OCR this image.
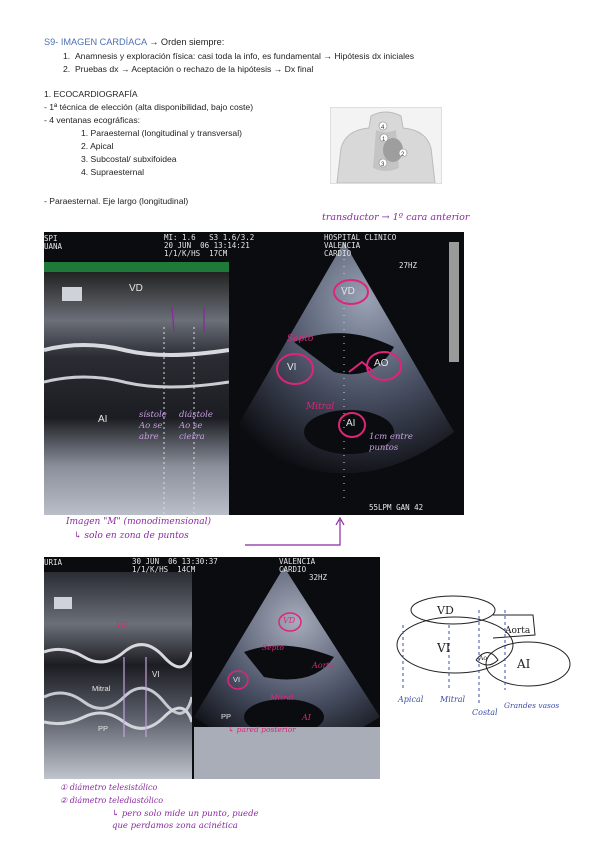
S9- IMAGEN CARDÍACA → Orden siempre:
1. Anamnesis y exploración física: casi toda la info, es fundamental → Hipótesis dx iniciales
2. Pruebas dx → Aceptación o rechazo de la hipótesis → Dx final
1. ECOCARDIOGRAFÍA
- 1ª técnica de elección (alta disponibilidad, bajo coste)
- 4 ventanas ecográficas:
1. Paraesternal (longitudinal y transversal)
2. Apical
3. Subcostal/ subxifoidea
4. Supraesternal
- Paraesternal. Eje largo (longitudinal)
4
1
2
3
transductor → 1º cara anterior
SPI
UANA
MI: 1.6   S3 1.6/3.2
20 JUN  06 13:14:21
1/1/K/HS  17CM
HOSPITAL CLINICO
VALENCIA
CARDIO
27HZ
55LPM GAN 42
VD
AI
VD
VI	AO
AI
Septo
Mitral
sístole
Ao se
abre
diástole
Ao se
cierra	1cm entre
puntos
Imagen "M" (monodimensional)
↳ solo en zona de puntos
URIA	30 JUN  06 13:30:37
1/1/K/HS  14CM
VALENCIA
CARDIO
32HZ
VD
VI
Mitral
PP
VD
Septo
Aorta
VI
Mitral
AI
PP
↳ pared posterior
① diámetro telesistólico
② diámetro telediastólico
↳ pero solo mide un punto, puede
que perdamos zona acinética
VD
VI
Aorta
AI
Ao
Apical Mitral
Costal
Grandes vasos
